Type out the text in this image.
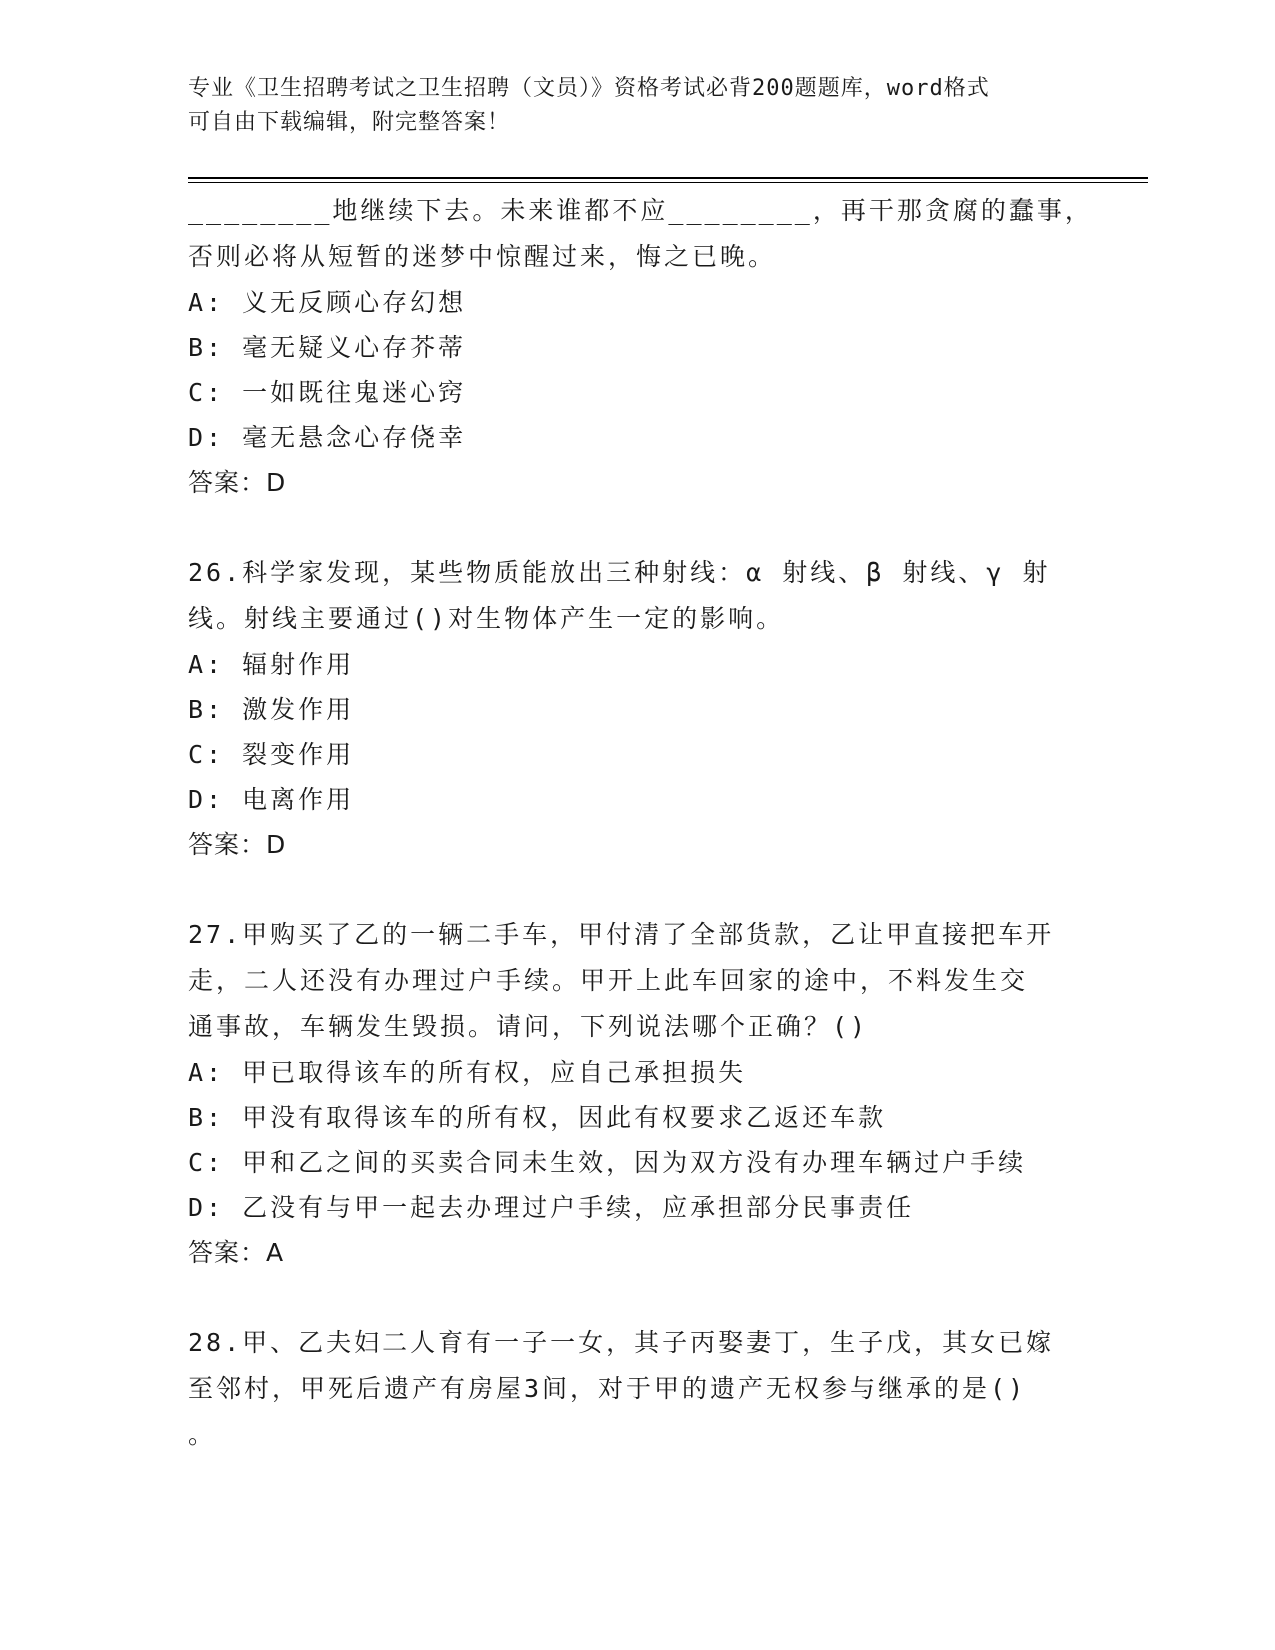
专业《卫生招聘考试之卫生招聘（文员）》资格考试必背200题题库，word格式
可自由下载编辑，附完整答案！
________地继续下去。未来谁都不应________，再干那贪腐的蠢事，
否则必将从短暂的迷梦中惊醒过来，悔之已晚。
A: 义无反顾心存幻想
B: 毫无疑义心存芥蒂
C: 一如既往鬼迷心窍
D: 毫无悬念心存侥幸
答案：D
26.科学家发现，某些物质能放出三种射线：α 射线、β 射线、γ 射
线。射线主要通过()对生物体产生一定的影响。
A: 辐射作用
B: 激发作用
C: 裂变作用
D: 电离作用
答案：D
27.甲购买了乙的一辆二手车，甲付清了全部货款，乙让甲直接把车开
走，二人还没有办理过户手续。甲开上此车回家的途中，不料发生交
通事故，车辆发生毁损。请问，下列说法哪个正确？()
A: 甲已取得该车的所有权，应自己承担损失
B: 甲没有取得该车的所有权，因此有权要求乙返还车款
C: 甲和乙之间的买卖合同未生效，因为双方没有办理车辆过户手续
D: 乙没有与甲一起去办理过户手续，应承担部分民事责任
答案：A
28.甲、乙夫妇二人育有一子一女，其子丙娶妻丁，生子戊，其女已嫁
至邻村，甲死后遗产有房屋3间，对于甲的遗产无权参与继承的是()
。
